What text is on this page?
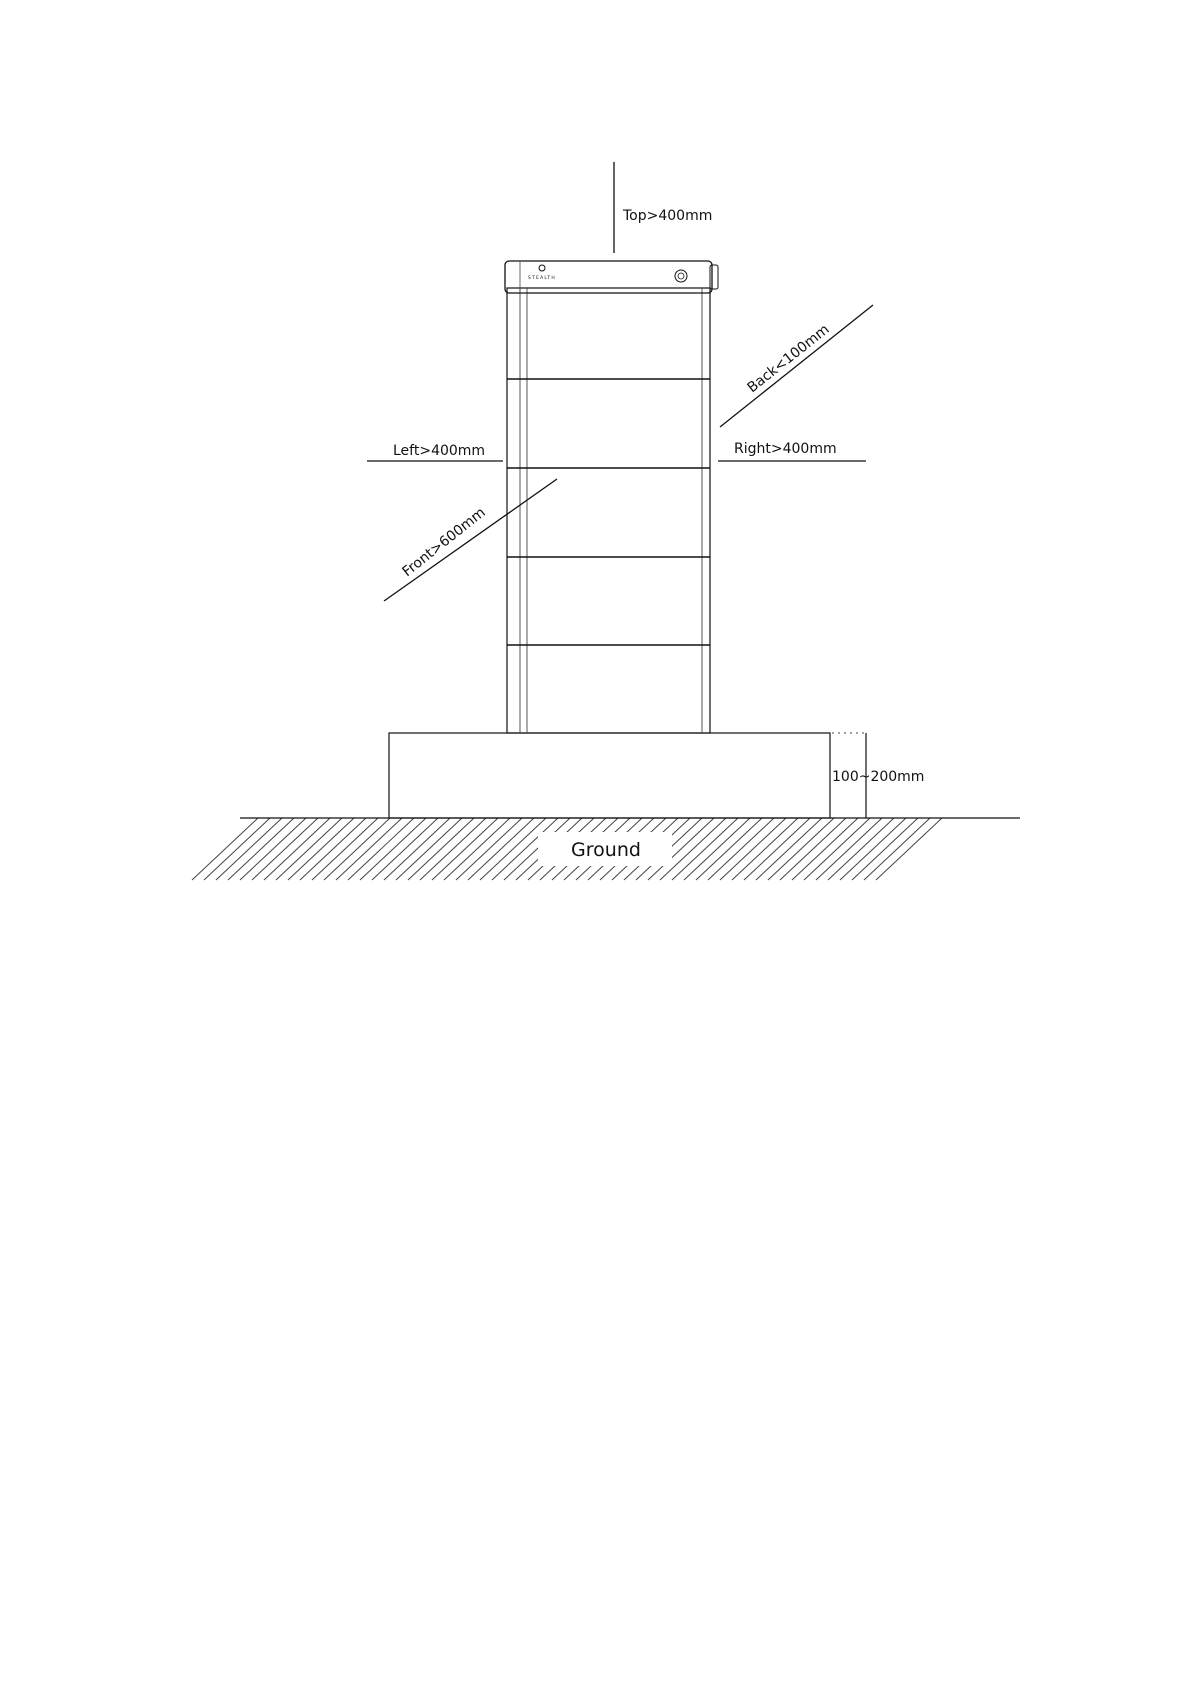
Ground
100~200mm
STEALTH
Top>400mm
Back<100mm
Left>400mm	Right>400mm
Front>600mm
